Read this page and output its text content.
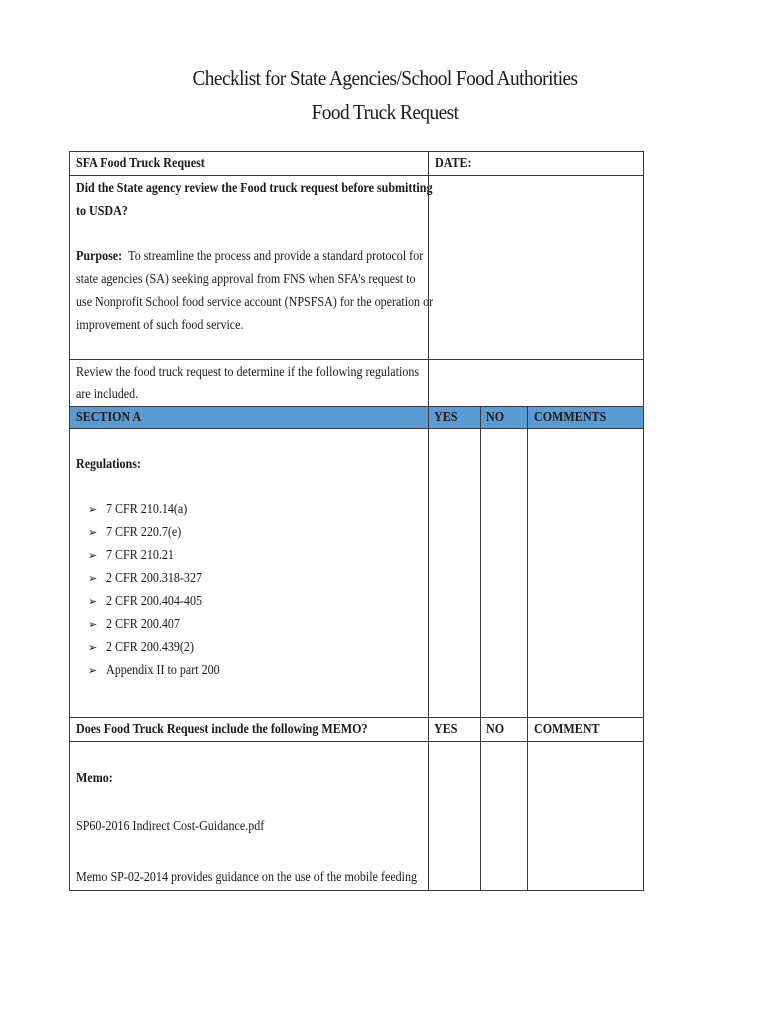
Checklist for State Agencies/School Food Authorities
Food Truck Request
SFA Food Truck Request	DATE:
Did the State agency review the Food truck request before submitting
to USDA?
Purpose: To streamline the process and provide a standard protocol for
state agencies (SA) seeking approval from FNS when SFA’s request to
use Nonprofit School food service account (NPSFSA) for the operation or
improvement of such food service.
Review the food truck request to determine if the following regulations
are included.
SECTION A	YES NO COMMENTS
Regulations:
➢ 7 CFR 210.14(a)
➢ 7 CFR 220.7(e)
➢ 7 CFR 210.21
➢ 2 CFR 200.318-327
➢ 2 CFR 200.404-405
➢ 2 CFR 200.407
➢ 2 CFR 200.439(2)
➢ Appendix II to part 200
Does Food Truck Request include the following MEMO?	YES NO COMMENT
Memo:
SP60-2016 Indirect Cost-Guidance.pdf
Memo SP-02-2014 provides guidance on the use of the mobile feeding
